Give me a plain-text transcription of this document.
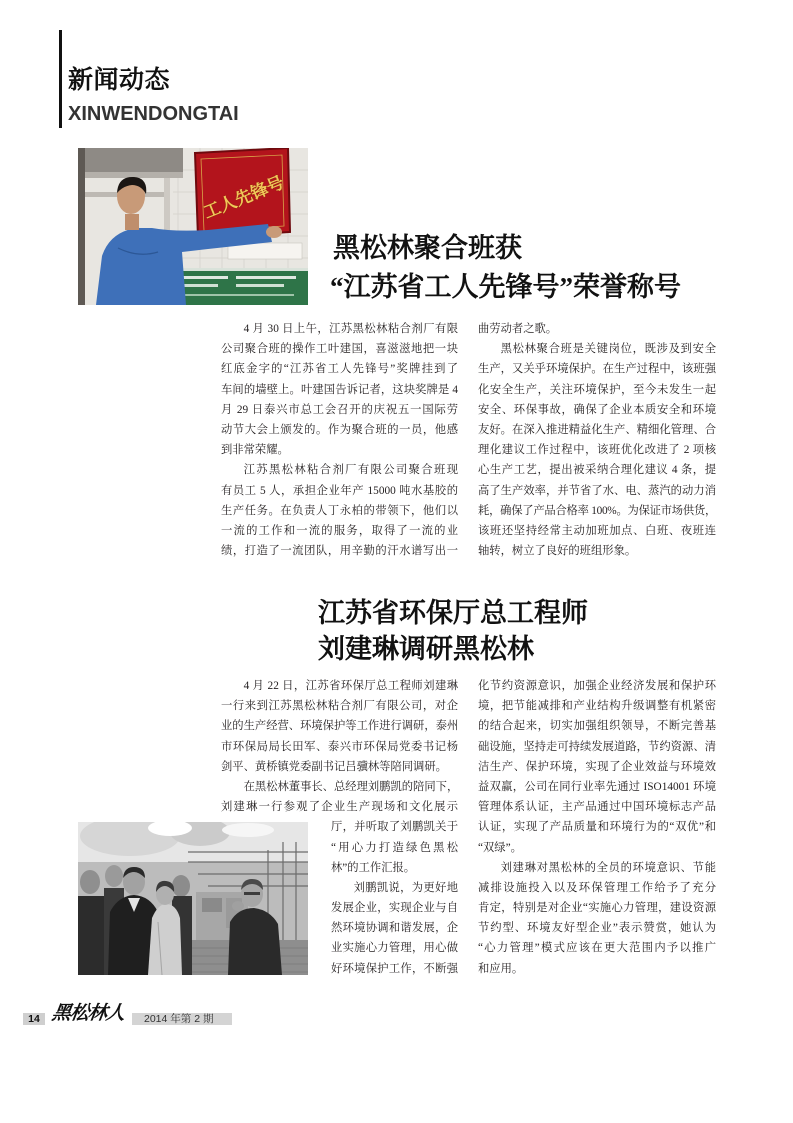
新闻动态
XINWENDONGTAI
工人先锋号
黑松林聚合班获
“江苏省工人先锋号”荣誉称号
4 月 30 日上午，江苏黑松林粘合剂厂有限
公司聚合班的操作工叶建国，喜滋滋地把一块
红底金字的“江苏省工人先锋号”奖牌挂到了
车间的墙壁上。叶建国告诉记者，这块奖牌是 4
月 29 日泰兴市总工会召开的庆祝五一国际劳
动节大会上颁发的。作为聚合班的一员，他感
到非常荣耀。
江苏黑松林粘合剂厂有限公司聚合班现
有员工 5 人，承担企业年产 15000 吨水基胶的
生产任务。在负责人丁永柏的带领下，他们以
一流的工作和一流的服务，取得了一流的业
绩，打造了一流团队，用辛勤的汗水谱写出一
曲劳动者之歌。
黑松林聚合班是关键岗位，既涉及到安全
生产，又关乎环境保护。在生产过程中，该班强
化安全生产，关注环境保护，至今未发生一起
安全、环保事故，确保了企业本质安全和环境
友好。在深入推进精益化生产、精细化管理、合
理化建议工作过程中，该班优化改进了 2 项核
心生产工艺，提出被采纳合理化建议 4 条，提
高了生产效率，并节省了水、电、蒸汽的动力消
耗，确保了产品合格率 100%。为保证市场供货，
该班还坚持经常主动加班加点、白班、夜班连
轴转，树立了良好的班组形象。
江苏省环保厅总工程师
刘建琳调研黑松林
4 月 22 日，江苏省环保厅总工程师刘建琳
一行来到江苏黑松林粘合剂厂有限公司，对企
业的生产经营、环境保护等工作进行调研，泰州
市环保局局长田军、泰兴市环保局党委书记杨
剑平、黄桥镇党委副书记吕骥林等陪同调研。
在黑松林董事长、总经理刘鹏凯的陪同下，
刘建琳一行参观了企业生产现场和文化展示
厅，并听取了刘鹏凯关于
“用心力打造绿色黑松
林”的工作汇报。
刘鹏凯说，为更好地
发展企业，实现企业与自
然环境协调和谐发展，企
业实施心力管理，用心做
好环境保护工作，不断强
化节约资源意识，加强企业经济发展和保护环
境，把节能减排和产业结构升级调整有机紧密
的结合起来，切实加强组织领导，不断完善基
础设施，坚持走可持续发展道路，节约资源、清
洁生产、保护环境，实现了企业效益与环境效
益双赢，公司在同行业率先通过 ISO14001 环境
管理体系认证，主产品通过中国环境标志产品
认证，实现了产品质量和环境行为的“双优”和
“双绿”。
刘建琳对黑松林的全员的环境意识、节能
减排设施投入以及环保管理工作给予了充分
肯定，特别是对企业“实施心力管理，建设资源
节约型、环境友好型企业”表示赞赏，她认为
“心力管理”模式应该在更大范围内予以推广
和应用。
14 黑松林人 2014 年第 2 期
